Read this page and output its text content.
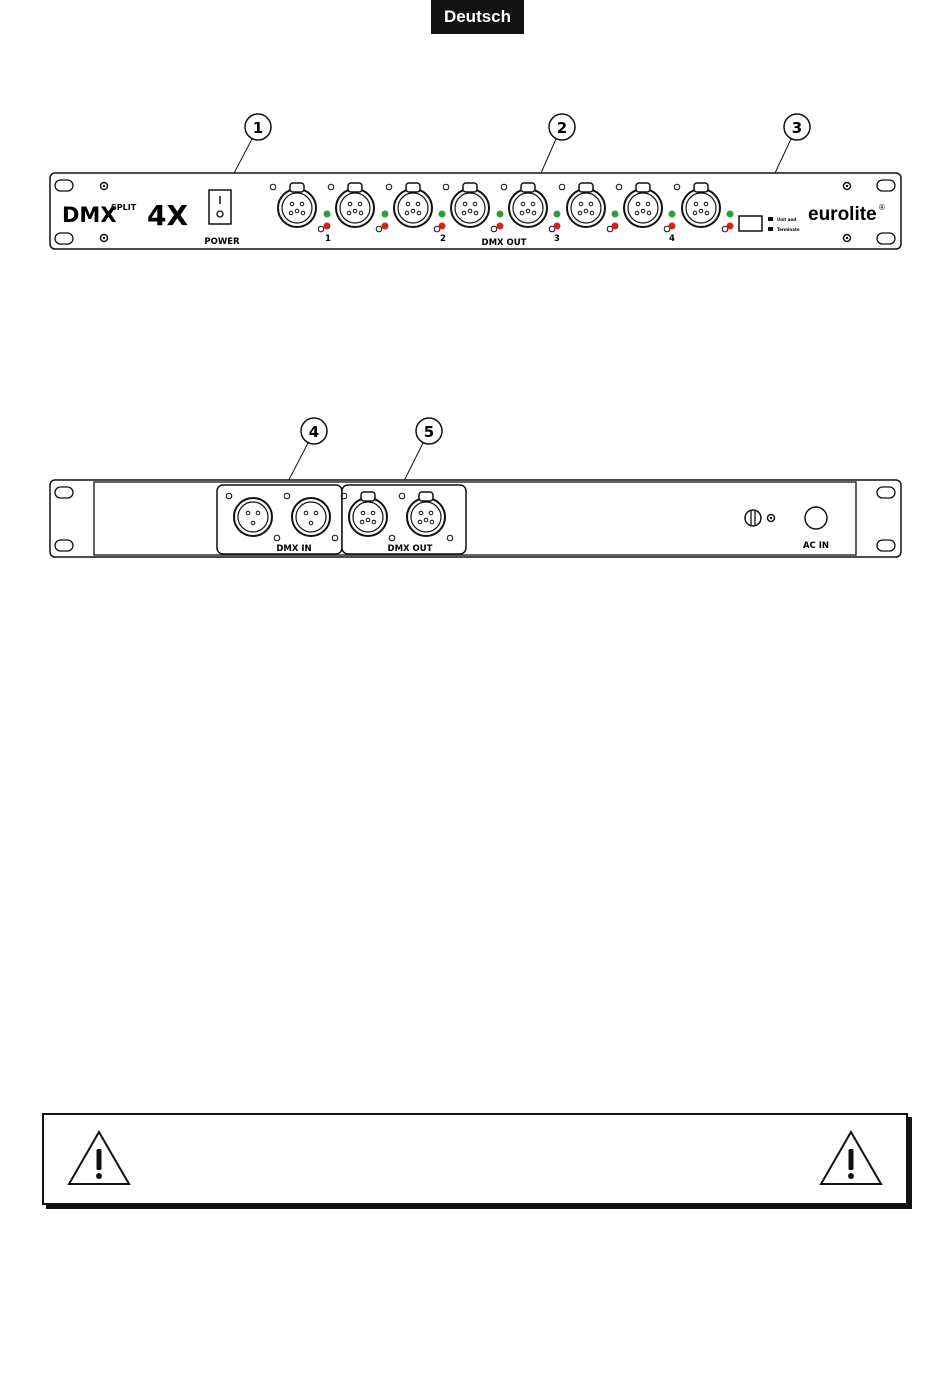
Deutsch
1	2	3
DMX
SPLIT 4X
POWER	1	2	DMX OUT	3	4
Unit and
Terminate
eurolite ®
4	5
DMX IN	DMX OUT	AC IN
